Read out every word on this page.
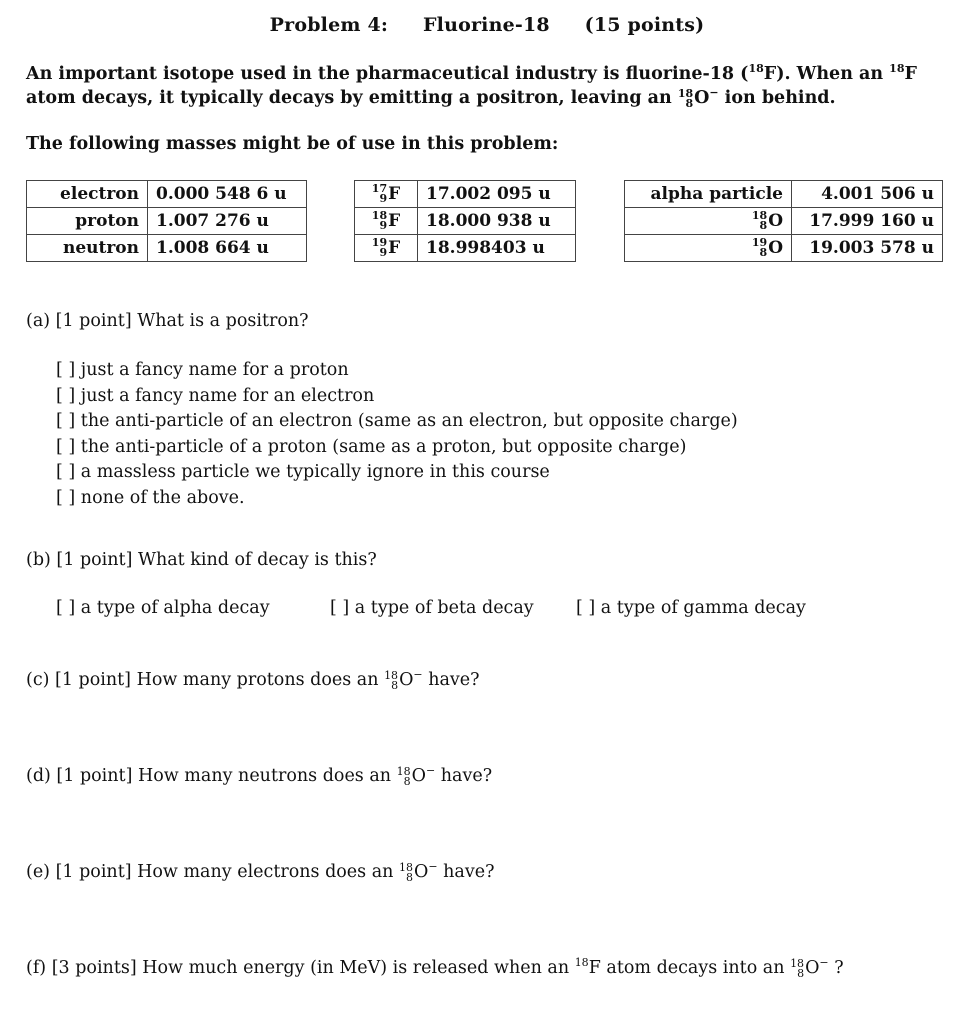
Problem 4: Fluorine-18 (15 points)
An important isotope used in the pharmaceutical industry is fluorine-18 ($^{18}$F). When an $^{18}$F atom decays, it typically decays by emitting a positron, leaving an 18
8 O− ion behind.
The following masses might be of use in this problem:
electron	0.000 548 6 u
proton	1.007 276 u
neutron	1.008 664 u
17
9 F	17.002 095 u

18
9 F	18.000 938 u

19
9 F	18.998403 u
alpha particle	4.001 506 u

18
8 O	17.999 160 u

19
8 O	19.003 578 u
(a) [1 point] What is a positron?
[ ] just a fancy name for a proton
[ ] just a fancy name for an electron
[ ] the anti-particle of an electron (same as an electron, but opposite charge)
[ ] the anti-particle of a proton (same as a proton, but opposite charge)
[ ] a massless particle we typically ignore in this course
[ ] none of the above.
(b) [1 point] What kind of decay is this?
[ ] a type of alpha decay	[ ] a type of beta decay [ ] a type of gamma decay
(c) [1 point] How many protons does an 18
8 O− have?
(d) [1 point] How many neutrons does an 18
8 O− have?
(e) [1 point] How many electrons does an 18
8 O− have?
(f) [3 points] How much energy (in MeV) is released when an $^{18}$F atom decays into an 18
8 O− ?
